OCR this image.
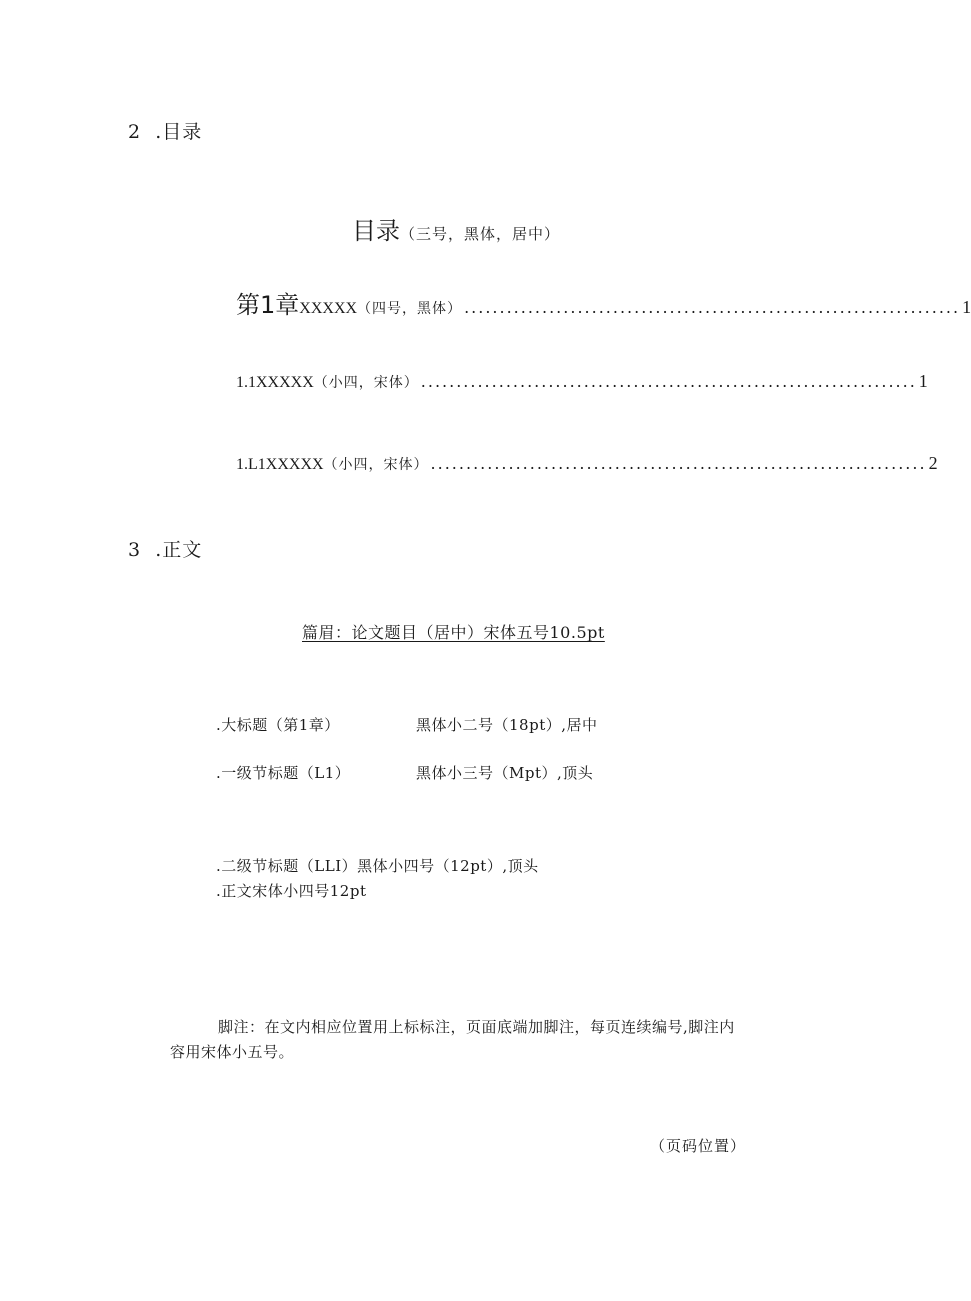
2 .目录
目录（三号，黑体，居中）
第1章 XXXXX （四号，黑体） ...................................................................... 1
1.1XXXXX （小四，宋体） ...................................................................... 1
1.L1XXXXX （小四，宋体） ...................................................................... 2
3 .正文
篇眉：论文题目（居中）宋体五号10.5pt
.大标题（第1章）	黑体小二号（18pt）,居中
.一级节标题（L1）	黑体小三号（Mpt）,顶头
.二级节标题（LLI）黑体小四号（12pt）,顶头
.正文宋体小四号12pt
脚注：在文内相应位置用上标标注，页面底端加脚注，每页连续编号,脚注内
容用宋体小五号。
（页码位置）
